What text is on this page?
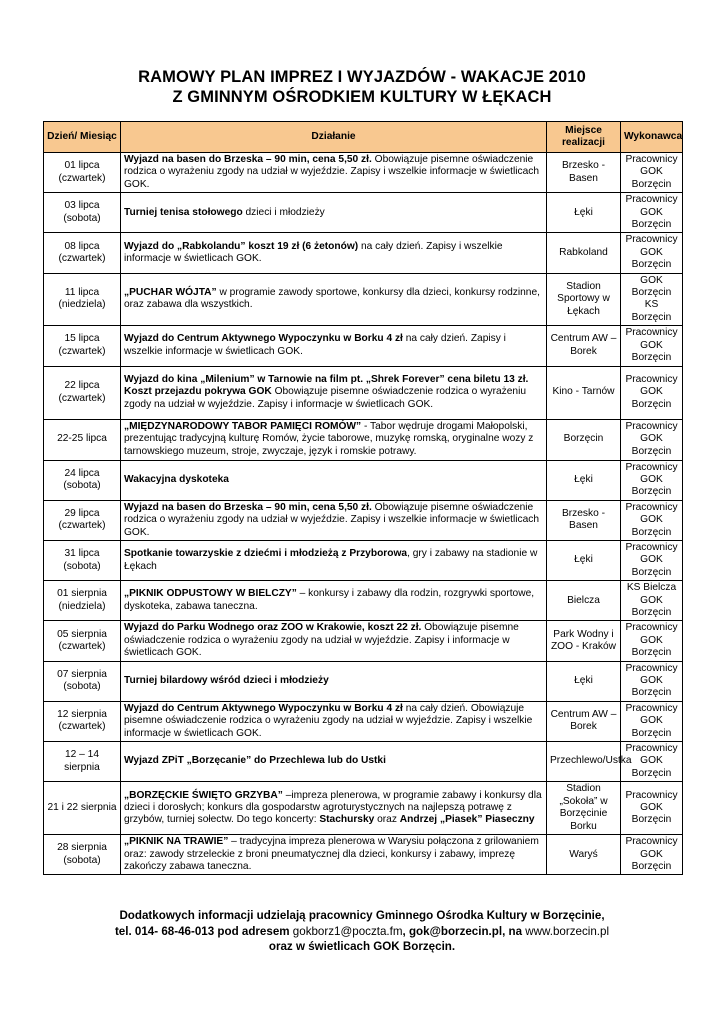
RAMOWY PLAN IMPREZ I WYJAZDÓW - WAKACJE 2010
Z GMINNYM OŚRODKIEM KULTURY W ŁĘKACH
Dzień/ Miesiąc	Działanie	Miejsce realizacji	Wykonawca
01 lipca (czwartek)	Wyjazd na basen do Brzeska – 90 min, cena 5,50 zł. Obowiązuje pisemne oświadczenie rodzica o wyrażeniu zgody na udział w wyjeździe. Zapisy i wszelkie informacje w świetlicach GOK.	Brzesko - Basen	Pracownicy GOK Borzęcin
03 lipca (sobota)	Turniej tenisa stołowego dzieci i młodzieży	Łęki	Pracownicy GOK Borzęcin
08 lipca (czwartek)	Wyjazd do „Rabkolandu” koszt 19 zł (6 żetonów) na cały dzień. Zapisy i wszelkie informacje w świetlicach GOK.	Rabkoland	Pracownicy GOK Borzęcin
11 lipca (niedziela)	„PUCHAR WÓJTA” w programie zawody sportowe, konkursy dla dzieci, konkursy rodzinne, oraz zabawa dla wszystkich.	Stadion Sportowy w Łękach	GOK Borzęcin KS Borzęcin
15 lipca (czwartek)	Wyjazd do Centrum Aktywnego Wypoczynku w Borku 4 zł na cały dzień. Zapisy i wszelkie informacje w świetlicach GOK.	Centrum AW – Borek	Pracownicy GOK Borzęcin
22 lipca (czwartek)	Wyjazd do kina „Milenium” w Tarnowie na film pt. „Shrek Forever” cena biletu 13 zł. Koszt przejazdu pokrywa GOK Obowiązuje pisemne oświadczenie rodzica o wyrażeniu zgody na udział w wyjeździe. Zapisy i informacje w świetlicach GOK.	Kino - Tarnów	Pracownicy GOK Borzęcin
22-25 lipca	„MIĘDZYNARODOWY TABOR PAMIĘCI ROMÓW” - Tabor wędruje drogami Małopolski, prezentując tradycyjną kulturę Romów, życie taborowe, muzykę romską, oryginalne wozy z tarnowskiego muzeum, stroje, zwyczaje, język i romskie potrawy.	Borzęcin	Pracownicy GOK Borzęcin
24 lipca (sobota)	Wakacyjna dyskoteka	Łęki	Pracownicy GOK Borzęcin
29 lipca (czwartek)	Wyjazd na basen do Brzeska – 90 min, cena 5,50 zł. Obowiązuje pisemne oświadczenie rodzica o wyrażeniu zgody na udział w wyjeździe. Zapisy i wszelkie informacje w świetlicach GOK.	Brzesko - Basen	Pracownicy GOK Borzęcin
31 lipca (sobota)	Spotkanie towarzyskie z dziećmi i młodzieżą z Przyborowa, gry i zabawy na stadionie w Łękach	Łęki	Pracownicy GOK Borzęcin
01 sierpnia (niedziela)	„PIKNIK ODPUSTOWY W BIELCZY” – konkursy i zabawy dla rodzin, rozgrywki sportowe, dyskoteka, zabawa taneczna.	Bielcza	KS Bielcza GOK Borzęcin
05 sierpnia (czwartek)	Wyjazd do Parku Wodnego oraz ZOO w Krakowie, koszt 22 zł. Obowiązuje pisemne oświadczenie rodzica o wyrażeniu zgody na udział w wyjeździe. Zapisy i informacje w świetlicach GOK.	Park Wodny i ZOO - Kraków	Pracownicy GOK Borzęcin
07 sierpnia (sobota)	Turniej bilardowy wśród dzieci i młodzieży	Łęki	Pracownicy GOK Borzęcin
12 sierpnia (czwartek)	Wyjazd do Centrum Aktywnego Wypoczynku w Borku 4 zł na cały dzień. Obowiązuje pisemne oświadczenie rodzica o wyrażeniu zgody na udział w wyjeździe. Zapisy i wszelkie informacje w świetlicach GOK.	Centrum AW – Borek	Pracownicy GOK Borzęcin
12 – 14 sierpnia	Wyjazd ZPiT „Borzęcanie” do Przechlewa lub do Ustki	Przechlewo/Ustka	Pracownicy GOK Borzęcin
21 i 22 sierpnia	„BORZĘCKIE ŚWIĘTO GRZYBA” –impreza plenerowa, w programie zabawy i konkursy dla dzieci i dorosłych; konkurs dla gospodarstw agroturystycznych na najlepszą potrawę z grzybów, turniej sołectw. Do tego koncerty: Stachursky oraz Andrzej „Piasek” Piaseczny	Stadion „Sokoła” w Borzęcinie Borku	Pracownicy GOK Borzęcin
28 sierpnia (sobota)	„PIKNIK NA TRAWIE” – tradycyjna impreza plenerowa w Warysiu połączona z grilowaniem oraz: zawody strzeleckie z broni pneumatycznej dla dzieci, konkursy i zabawy, imprezę zakończy zabawa taneczna.	Waryś	Pracownicy GOK Borzęcin
Dodatkowych informacji udzielają pracownicy Gminnego Ośrodka Kultury w Borzęcinie,
tel. 014- 68-46-013 pod adresem gokborz1@poczta.fm, gok@borzecin.pl, na www.borzecin.pl
oraz w świetlicach GOK Borzęcin.
